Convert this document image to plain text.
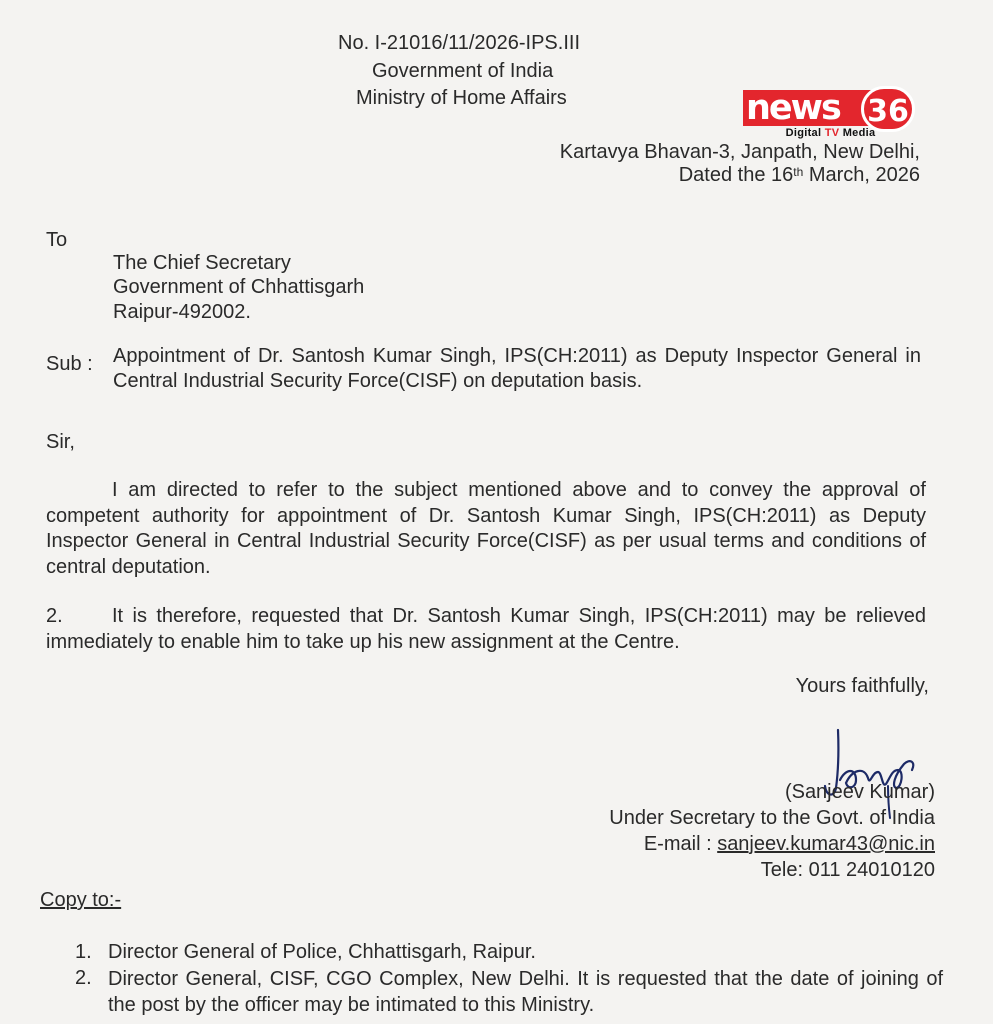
No. I-21016/11/2026-IPS.III
Government of India
Ministry of Home Affairs	news 36
Digital TV Media
Kartavya Bhavan-3, Janpath, New Delhi,
Dated the 16th March, 2026
To
The Chief Secretary
Government of Chhattisgarh
Raipur-492002.
Sub : Appointment of Dr. Santosh Kumar Singh, IPS(CH:2011) as Deputy Inspector General in Central Industrial Security Force(CISF) on deputation basis.
Sir,
I am directed to refer to the subject mentioned above and to convey the approval of competent authority for appointment of Dr. Santosh Kumar Singh, IPS(CH:2011) as Deputy Inspector General in Central Industrial Security Force(CISF) as per usual terms and conditions of central deputation.
2. It is therefore, requested that Dr. Santosh Kumar Singh, IPS(CH:2011) may be relieved immediately to enable him to take up his new assignment at the Centre.
Yours faithfully,
(Sanjeev Kumar)
Under Secretary to the Govt. of India
E-mail : sanjeev.kumar43@nic.in
Tele: 011 24010120
Copy to:-
1. Director General of Police, Chhattisgarh, Raipur.
2. Director General, CISF, CGO Complex, New Delhi. It is requested that the date of joining of the post by the officer may be intimated to this Ministry.
